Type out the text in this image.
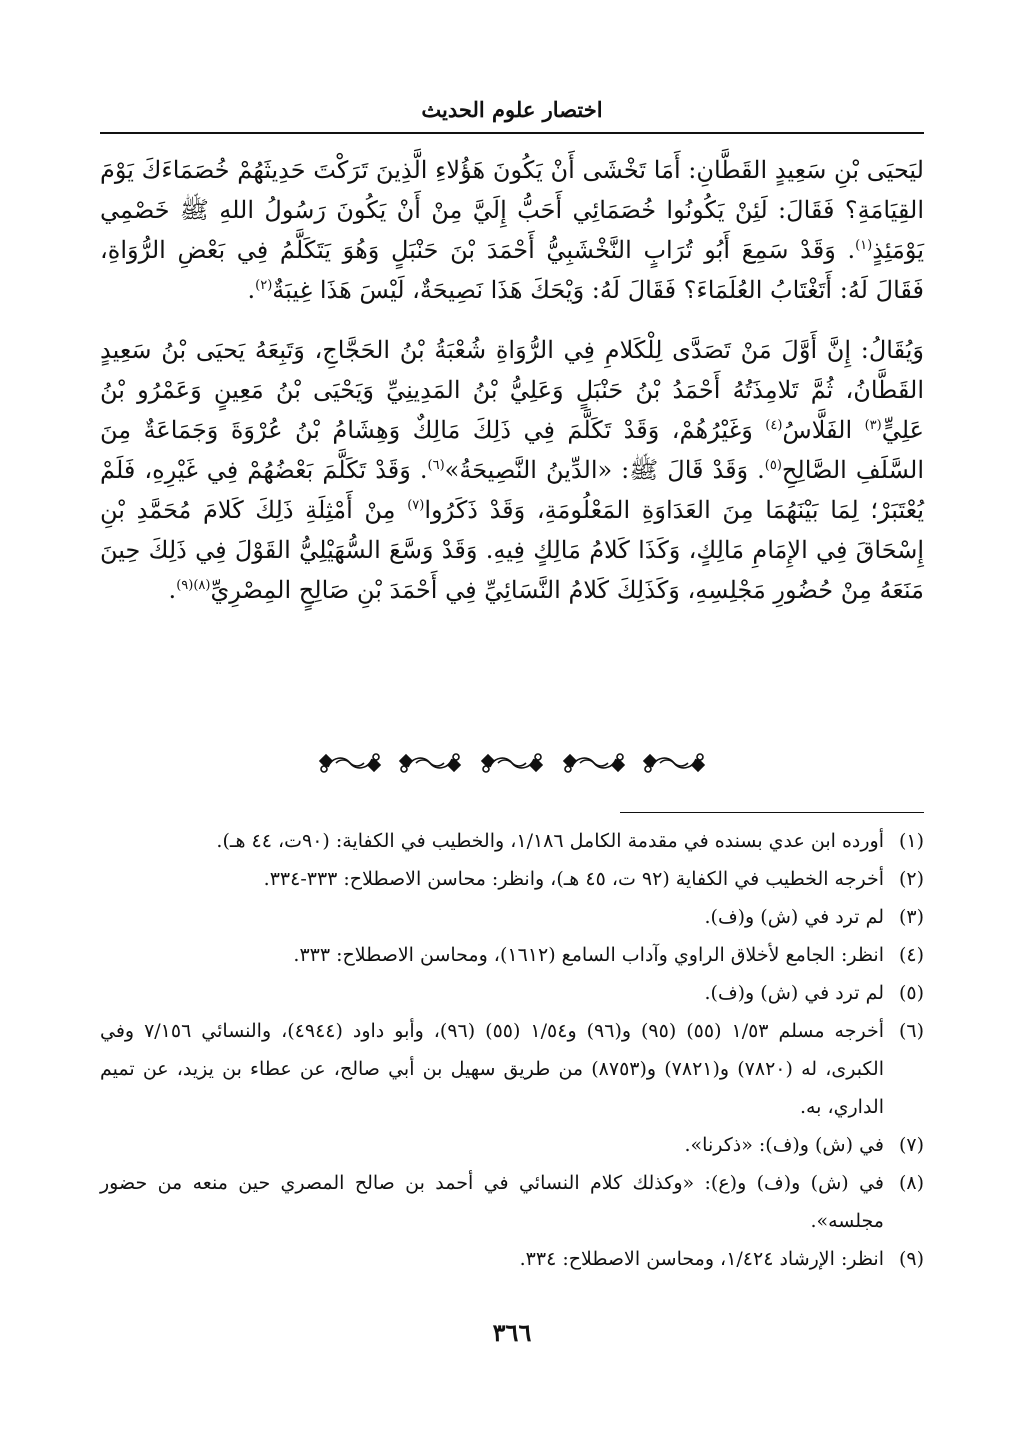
اختصار علوم الحديث

ليَحيَى بْنِ سَعِيدٍ القَطَّانِ: أَمَا تَخْشَى أَنْ يَكُونَ هَؤُلاءِ الَّذِينَ تَرَكْتَ حَدِيثَهُمْ خُصَمَاءَكَ يَوْمَ القِيَامَةِ؟ فَقَالَ: لَئِنْ يَكُونُوا خُصَمَائِي أَحَبُّ إِلَيَّ مِنْ أَنْ يَكُونَ رَسُولُ اللهِ ﷺ خَصْمِي يَوْمَئِذٍ$^{(١)}$. وَقَدْ سَمِعَ أَبُو تُرَابٍ النَّخْشَبِيُّ أَحْمَدَ بْنَ حَنْبَلٍ وَهُوَ يَتَكَلَّمُ فِي بَعْضِ الرُّوَاةِ، فَقَالَ لَهُ: أَتَغْتَابُ العُلَمَاءَ؟ فَقَالَ لَهُ: وَيْحَكَ هَذَا نَصِيحَةٌ، لَيْسَ هَذَا غِيبَةٌ$^{(٢)}$.

وَيُقَالُ: إِنَّ أَوَّلَ مَنْ تَصَدَّى لِلْكَلامِ فِي الرُّوَاةِ شُعْبَةُ بْنُ الحَجَّاجِ، وَتَبِعَهُ يَحيَى بْنُ سَعِيدٍ القَطَّانُ، ثُمَّ تَلامِذَتُهُ أَحْمَدُ بْنُ حَنْبَلٍ وَعَلِيُّ بْنُ المَدِينِيِّ وَيَحْيَى بْنُ مَعِينٍ وَعَمْرُو بْنُ عَلِيٍّ$^{(٣)}$ الفَلَّاسُ$^{(٤)}$ وَغَيْرُهُمْ، وَقَدْ تَكَلَّمَ فِي ذَلِكَ مَالِكٌ وَهِشَامُ بْنُ عُرْوَةَ وَجَمَاعَةٌ مِنَ السَّلَفِ الصَّالِحِ$^{(٥)}$. وَقَدْ قَالَ ﷺ: «الدِّينُ النَّصِيحَةُ»$^{(٦)}$. وَقَدْ تَكَلَّمَ بَعْضُهُمْ فِي غَيْرِهِ، فَلَمْ يُعْتَبَرْ؛ لِمَا بَيْنَهُمَا مِنَ العَدَاوَةِ المَعْلُومَةِ، وَقَدْ ذَكَرُوا$^{(٧)}$ مِنْ أَمْثِلَةِ ذَلِكَ كَلامَ مُحَمَّدِ بْنِ إِسْحَاقَ فِي الإِمَامِ مَالِكٍ، وَكَذَا كَلامُ مَالِكٍ فِيهِ. وَقَدْ وَسَّعَ السُّهَيْلِيُّ القَوْلَ فِي ذَلِكَ حِينَ مَنَعَهُ مِنْ حُضُورِ مَجْلِسِهِ، وَكَذَلِكَ كَلامُ النَّسَائِيِّ فِي أَحْمَدَ بْنِ صَالِحٍ المِصْرِيِّ$^{(٨)(٩)}$.

(١)
أورده ابن عدي بسنده في مقدمة الكامل ١/١٨٦، والخطيب في الكفاية: (٩٠ت، ٤٤ هـ).
(٢)
أخرجه الخطيب في الكفاية (٩٢ ت، ٤٥ هـ)، وانظر: محاسن الاصطلاح: ٣٣٣-٣٣٤.
(٣)
لم ترد في (ش) و(ف).
(٤)
انظر: الجامع لأخلاق الراوي وآداب السامع (١٦١٢)، ومحاسن الاصطلاح: ٣٣٣.
(٥)
لم ترد في (ش) و(ف).
(٦)
أخرجه مسلم ١/٥٣ (٥٥) (٩٥) و(٩٦) و١/٥٤ (٥٥) (٩٦)، وأبو داود (٤٩٤٤)، والنسائي ٧/١٥٦ وفي الكبرى، له (٧٨٢٠) و(٧٨٢١) و(٨٧٥٣) من طريق سهيل بن أبي صالح، عن عطاء بن يزيد، عن تميم الداري، به.
(٧)
في (ش) و(ف): «ذكرنا».
(٨)
في (ش) و(ف) و(ع): «وكذلك كلام النسائي في أحمد بن صالح المصري حين منعه من حضور مجلسه».
(٩)
انظر: الإرشاد ١/٤٢٤، ومحاسن الاصطلاح: ٣٣٤.
٣٦٦
